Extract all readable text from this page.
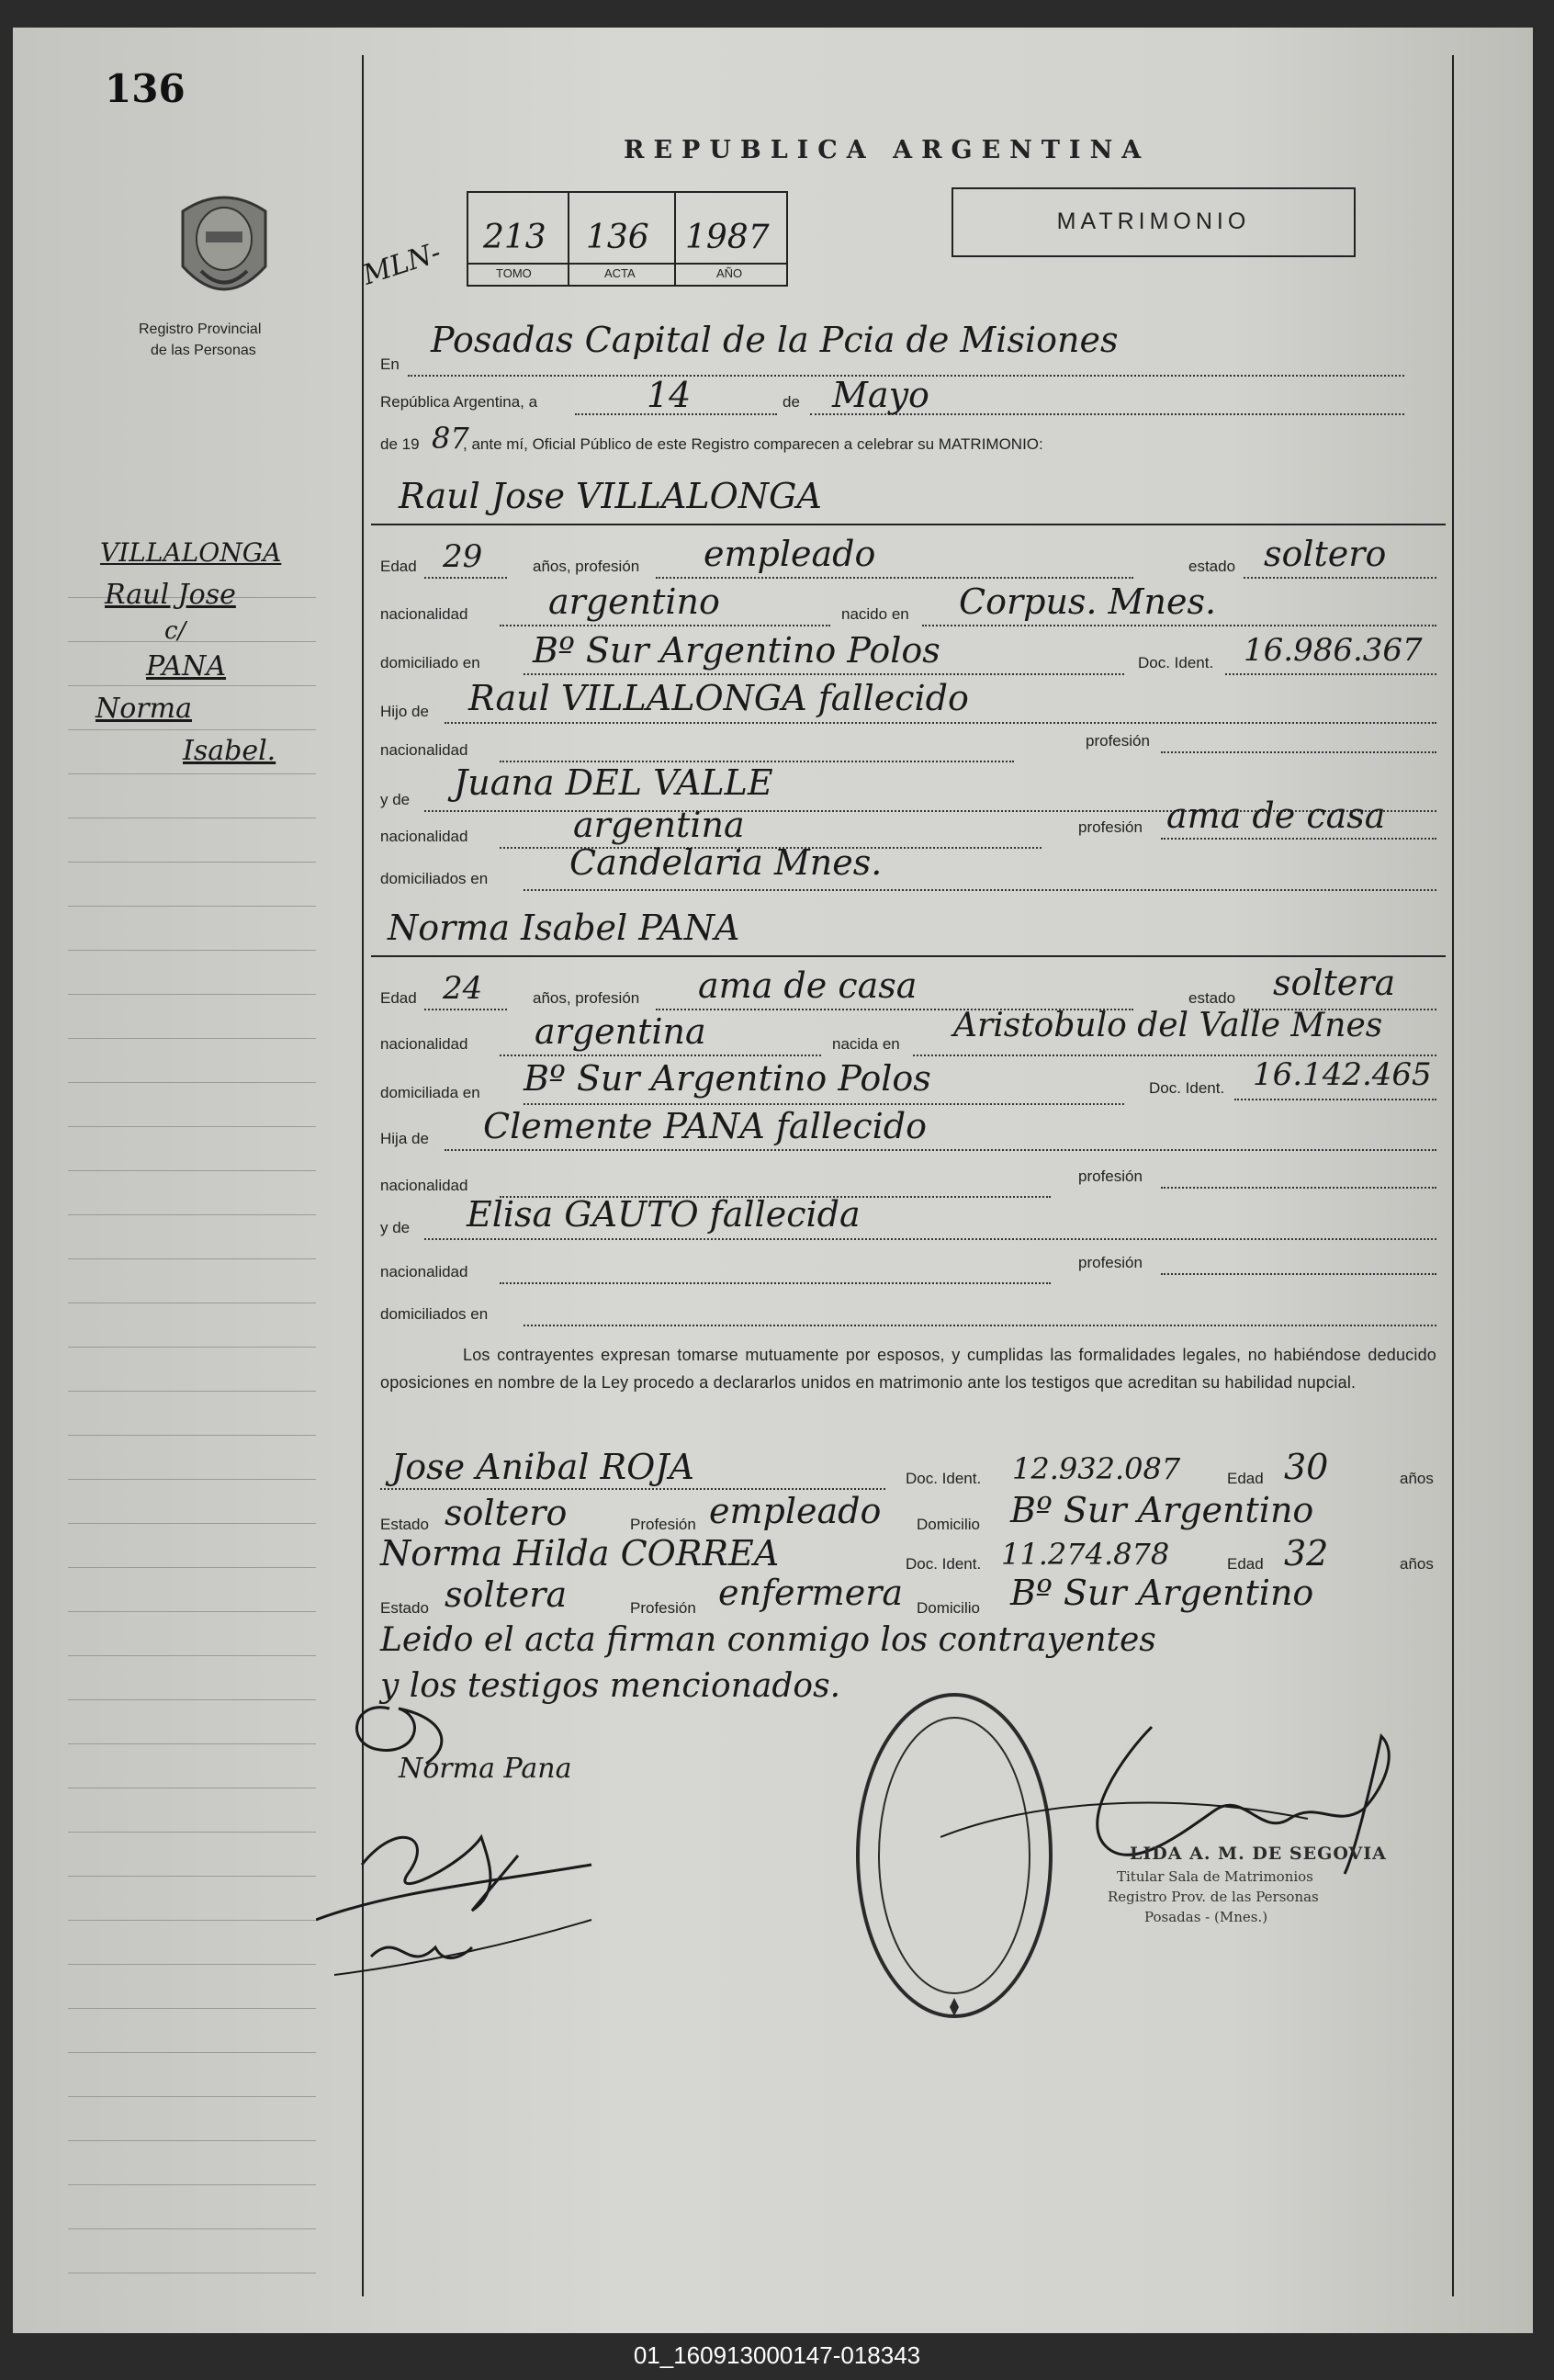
136
Registro Provincial
de las Personas
REPUBLICA ARGENTINA
MATRIMONIO
MLN- 213 136 1987
TOMO	ACTA	AÑO
VILLALONGA
Raul Jose
c/
PANA
Norma
Isabel.
En
Posadas Capital de la Pcia de Misiones
República Argentina, a	14	de Mayo
de 19 87
, ante mí, Oficial Público de este Registro comparecen a celebrar su MATRIMONIO:
Raul Jose VILLALONGA
Edad 29	años, profesión empleado	estado soltero
nacionalidad argentino	nacido en Corpus. Mnes.
domiciliado en Bº Sur Argentino Polos	Doc. Ident. 16.986.367
Hijo de Raul VILLALONGA fallecido
nacionalidad
profesión
y de Juana DEL VALLE
nacionalidad	argentina	profesión ama de casa
domiciliados en Candelaria Mnes.
Norma Isabel PANA
Edad 24	años, profesión ama de casa	estado soltera
nacionalidad argentina	nacida en Aristobulo del Valle Mnes
domiciliada en Bº Sur Argentino Polos	Doc. Ident. 16.142.465
Hija de Clemente PANA fallecido
nacionalidad
profesión
y de Elisa GAUTO fallecida
nacionalidad
profesión
domiciliados en
Los contrayentes expresan tomarse mutuamente por esposos, y cumplidas las formalidades legales, no habiéndose deducido oposiciones en nombre de la Ley procedo a declararlos unidos en matrimonio ante los testigos que acreditan su habilidad nupcial.
Jose Anibal ROJA	Doc. Ident. 12.932.087	Edad 30	años
Estado soltero	Profesión empleado Domicilio Bº Sur Argentino
Norma Hilda CORREA	Doc. Ident. 11.274.878	Edad 32	años
Estado soltera	Profesión enfermera Domicilio Bº Sur Argentino
Leido el acta firman conmigo los contrayentes
y los testigos mencionados.
Norma Pana
LIDA A. M. DE SEGOVIA
Titular Sala de Matrimonios
Registro Prov. de las Personas
Posadas - (Mnes.)
01_160913000147-018343
